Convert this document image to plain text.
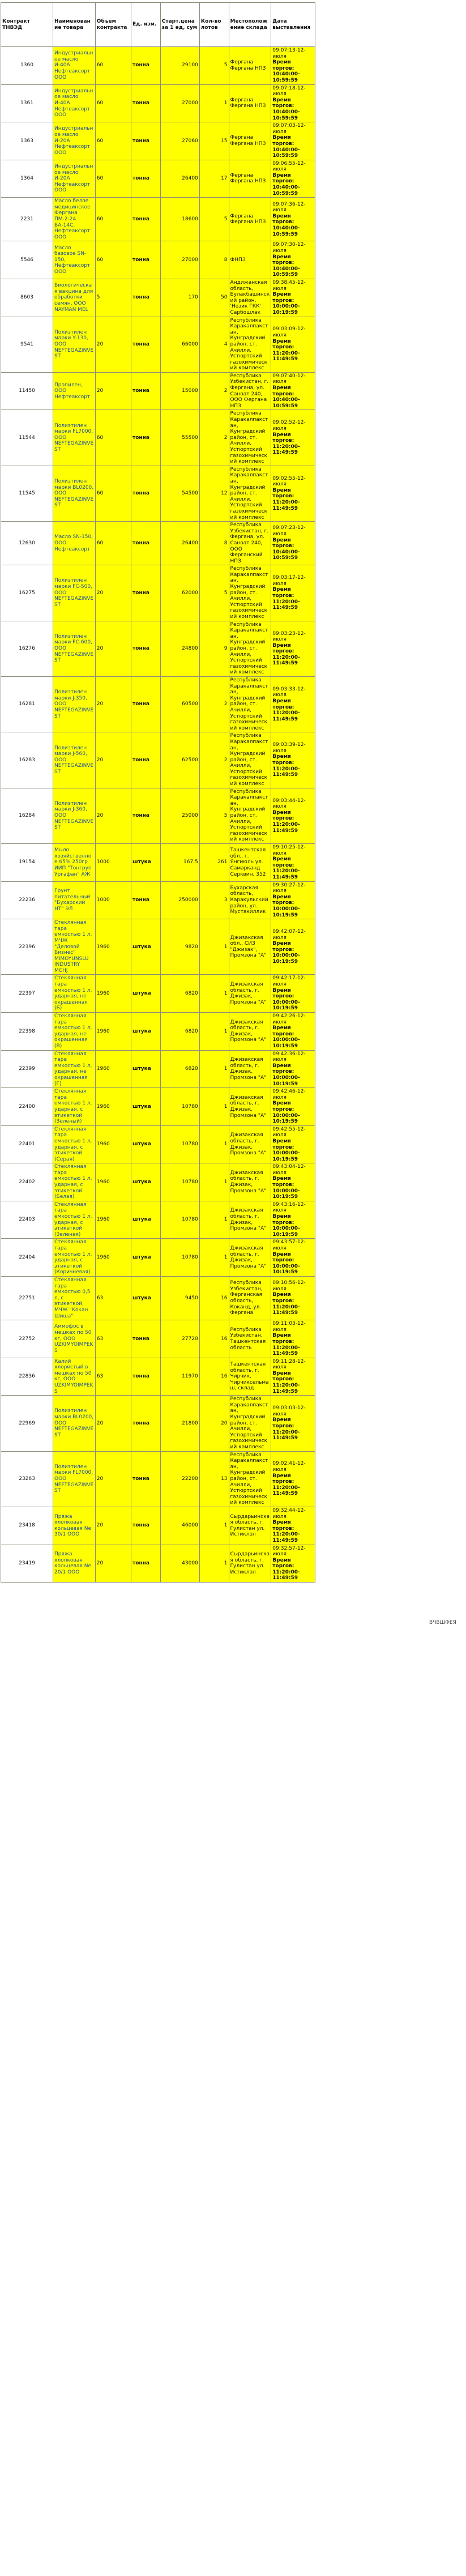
Контракт ТНВЭД	Наименование товара	Объем контракта	Ед. изм.	Старт.цена за 1 ед, сум	Кол-во лотов	Местоположение склада	Дата выставления
1360	Индустриальное масло И-40А Нефтеаксорт ООО	60	тонна	29100	5	Фергана Фергана НПЗ	09:07:13-12-июля
Время торгов:
10:40:00-10:59:59
1361	Индустриальное масло И-40А Нефтеаксорт ООО	60	тонна	27000	1	Фергана Фергана НПЗ	09:07:18-12-июля
Время торгов:
10:40:00-10:59:59
1363	Индустриальное масло И-20А Нефтеаксорт ООО	60	тонна	27060	15	Фергана Фергана НПЗ	09:07:03-12-июля
Время торгов:
10:40:00-10:59:59
1364	Индустриальное масло И-20А Нефтеаксорт ООО	60	тонна	26400	17	Фергана Фергана НПЗ	09:06:55-12-июля
Время торгов:
10:40:00-10:59:59
2231	Масло белое медицинское Фергана ПМ-2-24 БА-14С, Нефтеаксорт ООО	60	тонна	18600	5	Фергана Фергана НПЗ	09:07:36-12-июля
Время торгов:
10:40:00-10:59:59
5546	Масло базовое SN-150, Нефтеаксорт ООО	60	тонна	27000	8	ФНПЗ	09:07:30-12-июля
Время торгов:
10:40:00-10:59:59
8603	Биологическая вакцина для обработки семян, ООО NAYMAN MEL	5	тонна	170	50	Андижанская область, Булакбашинский район, 'Нозик ГКК' Сарбошлак	09:38:45-12-июля
Время торгов:
10:00:00-10:19:59
9541	Полиэтилен марки Y-130, ООО NEFTEGAZINVEST	20	тонна	66000	4	Республика Каракалпакстан, Кунградский район, ст. Ачилли, Устюртский газохимический комплекс	09:03:09-12-июля
Время торгов:
11:20:00-11:49:59
11450	Пропилен, ООО Нефтеаксорт	20	тонна	15000	2	Республика Узбекистан, г. Фергана, ул. Саноат 240, ООО Фергана НПЗ	09:07:40-12-июля
Время торгов:
10:40:00-10:59:59
11544	Полиэтилен марки FL7000, ООО NEFTEGAZINVEST	60	тонна	55500	2	Республика Каракалпакстан, Кунградский район, ст. Ачилли, Устюртский газохимический комплекс	09:02:52-12-июля
Время торгов:
11:20:00-11:49:59
11545	Полиэтилен марки BL0200, ООО NEFTEGAZINVEST	60	тонна	54500	12	Республика Каракалпакстан, Кунградский район, ст. Ачилли, Устюртский газохимический комплекс	09:02:55-12-июля
Время торгов:
11:20:00-11:49:59
12630	Масло SN-150, ООО Нефтеаксорт	60	тонна	26400	8	Республика Узбекистан, г. Фергана, ул. Саноат 240, ООО Ферганский НПЗ	09:07:23-12-июля
Время торгов:
10:40:00-10:59:59
16275	Полиэтилен марки FC-500, ООО NEFTEGAZINVEST	20	тонна	62000	5	Республика Каракалпакстан, Кунградский район, ст. Ачилли, Устюртский газохимический комплекс	09:03:17-12-июля
Время торгов:
11:20:00-11:49:59
16276	Полиэтилен марки FC-600, ООО NEFTEGAZINVEST	20	тонна	24800	9	Республика Каракалпакстан, Кунградский район, ст. Ачилли, Устюртский газохимический комплекс	09:03:23-12-июля
Время торгов:
11:20:00-11:49:59
16281	Полиэтилен марки J-350, ООО NEFTEGAZINVEST	20	тонна	60500	2	Республика Каракалпакстан, Кунградский район, ст. Ачилли, Устюртский газохимический комплекс	09:03:33-12-июля
Время торгов:
11:20:00-11:49:59
16283	Полиэтилен марки J-560, ООО NEFTEGAZINVEST	20	тонна	62500	2	Республика Каракалпакстан, Кунградский район, ст. Ачилли, Устюртский газохимический комплекс	09:03:39-12-июля
Время торгов:
11:20:00-11:49:59
16284	Полиэтилен марки J-360, ООО NEFTEGAZINVEST	20	тонна	25000	5	Республика Каракалпакстан, Кунградский район, ст. Ачилли, Устюртский газохимический комплекс	09:03:44-12-июля
Время торгов:
11:20:00-11:49:59
19154	Мыло хозяйственное 65% 250гр ИИП "Тонгруп Ургафан" АЖ	1000	штука	167.5	261	Ташкентская обл., г. Янгиюль ул. Самарканд Серквин, 352	09:10:25-12-июля
Время торгов:
11:20:00-11:49:59
22236	Грунт питательный "Бухарский НТ" ЭЛ	1000	тонна	250000	3	Бухарская область, Каракульский район, ул. Мустакиллик	09:30:27-12-июля
Время торгов:
10:00:00-10:19:59
22396	Стеклянная тара емкостью 1 л, МЧЖ "Деловой Бизнес" MIMOYUNSLU INDUSTRY MCHJ	1960	штука	9820	1	Джизакская обл., СИЗ "Джизак", Промзона "А"	09:42:07-12-июля
Время торгов:
10:00:00-10:19:59
22397	Стеклянная тара емкостью 1 л, ударная, не окрашенная (Б)	1960	штука	6820	1	Джизакская область, г. Джизак, Промзона "А"	09:42:17-12-июля
Время торгов:
10:00:00-10:19:59
22398	Стеклянная тара емкостью 1 л, ударная, не окрашенная (В)	1960	штука	6820	1	Джизакская область, г. Джизак, Промзона "А"	09:42:26-12-июля
Время торгов:
10:00:00-10:19:59
22399	Стеклянная тара емкостью 1 л, ударная, не окрашенная (Г)	1960	штука	6820	1	Джизакская область, г. Джизак, Промзона "А"	09:42:36-12-июля
Время торгов:
10:00:00-10:19:59
22400	Стеклянная тара емкостью 1 л, ударная, с этикеткой (Зелёный)	1960	штука	10780	1	Джизакская область, г. Джизак, Промзона "А"	09:42:46-12-июля
Время торгов:
10:00:00-10:19:59
22401	Стеклянная тара емкостью 1 л, ударная, с этикеткой (Серая)	1960	штука	10780	1	Джизакская область, г. Джизак, Промзона "А"	09:42:55-12-июля
Время торгов:
10:00:00-10:19:59
22402	Стеклянная тара емкостью 1 л, ударная, с этикеткой (Белая)	1960	штука	10780	1	Джизакская область, г. Джизак, Промзона "А"	09:43:04-12-июля
Время торгов:
10:00:00-10:19:59
22403	Стеклянная тара емкостью 1 л, ударная, с этикеткой (Зеленая)	1960	штука	10780	1	Джизакская область, г. Джизак, Промзона "А"	09:43:16-12-июля
Время торгов:
10:00:00-10:19:59
22404	Стеклянная тара емкостью 1 л, ударная, с этикеткой (Коричневая)	1960	штука	10780	1	Джизакская область, г. Джизак, Промзона "А"	09:43:57-12-июля
Время торгов:
10:00:00-10:19:59
22751	Стеклянная тара емкостью 0,5 л, с этикеткой, МЧЖ "Кокан Шиша"	63	штука	9450	16	Республика Узбекистан, Ферганская область, Коканд, ул. Фергана	09:10:56-12-июля
Время торгов:
11:20:00-11:49:59
22752	Аммофос в мешках по 50 кг, ООО UZKIMYOIMPEKS	63	тонна	27720	16	Республика Узбекистан, Ташкентская область	09:11:03-12-июля
Время торгов:
11:20:00-11:49:59
22836	Калий хлористый в мешках по 50 кг, ООО UZKIMYOIMPEKS	63	тонна	11970	16	Ташкентская область, г. Чирчик, Чирчиксельмаш, склад	09:11:28-12-июля
Время торгов:
11:20:00-11:49:59
22969	Полиэтилен марки BL0200, ООО NEFTEGAZINVEST	20	тонна	21800	20	Республика Каракалпакстан, Кунградский район, ст. Ачилли, Устюртский газохимический комплекс	09:03:03-12-июля
Время торгов:
11:20:00-11:49:59
23263	Полиэтилен марки FL7000, ООО NEFTEGAZINVEST	20	тонна	22200	13	Республика Каракалпакстан, Кунградский район, ст. Ачилли, Устюртский газохимический комплекс	09:02:41-12-июля
Время торгов:
11:20:00-11:49:59
23418	Пряжа хлопковая кольцевая Ne 30/1 ООО	20	тонна	46000	1	Сырдарьинская область, г. Гулистан ул. Истиклол	09:32:44-12-июля
Время торгов:
11:20:00-11:49:59
23419	Пряжа хлопковая кольцевая Ne 20/1 ООО	20	тонна	43000	1	Сырдарьинская область, г. Гулистан ул. Истиклол	09:32:57-12-июля
Время торгов:
11:20:00-11:49:59
ВЧВШФЕЯ
